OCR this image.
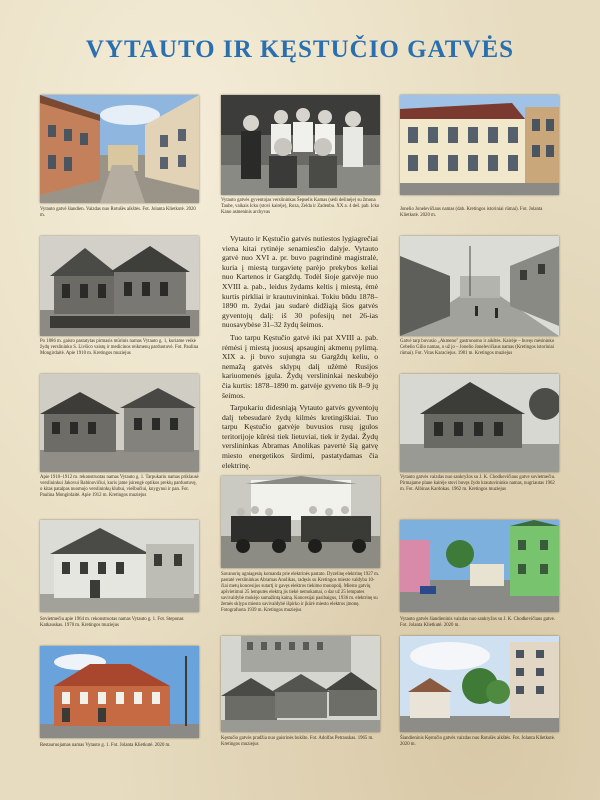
VYTAUTO IR KĘSTUČIO GATVĖS
Vytauto gatvė šiandien. Vaizdas nuo Rotušės aikštės. Fot. Jolanta Klietkutė. 2020 m.
Vytauto gatvės gyventojas verslininkas Šepselis Kamas (sėdi dešinėje) su žmona Taube, vaikais Icku (stovi kairėje), Roza, Zelda ir Zadenbu. XX a. 4 deš. pab. Icko Kano asmeninis archyvas
Jonelio Jonelevičiaus namas (dab. Kretingos istoriniai rūmai). Fot. Jolanta Klietkutė. 2020 m.
Po 1886 m. gaisro pastatytas pirmasis mūrinis namas Vytauto g. 1, kuriame veikė žydų verslininko S. Livšico vaistų ir medicinos reikmenų parduotuvė. Fot. Paulina Mongirdaitė. Apie 1910 m. Kretingos muziejus

Vytauto ir Kęstučio gatvės nutiestos lygiagrečiai viena kitai rytinėje senamiesčio dalyje. Vytauto gatvė nuo XVI a. pr. buvo pagrindinė magistralė, kuria į miestą turgavietę parėjo prekybos keliai nuo Kartenos ir Gargždų. Todėl šioje gatvėje nuo XVIII a. pab., leidus žydams keltis į miestą, ėmė kurtis pirkliai ir krautuvininkai. Tokiu būdu 1878–1890 m. žydai jau sudarė didžiąją šios gatvės gyventojų dalį: iš 30 pofesijų net 26-ias nuosavybėse 31–32 žydų šeimos.

Tuo tarpu Kęstučio gatvė iki pat XVIII a. pab. rėmėsi į miestą juosusį apsauginį akmenų pylimą. XIX a. ji buvo sujungta su Gargždų keliu, o nemažą gatvės sklypų dalį užėmė Rusijos kariuomenės įgula. Žydų verslininkai neskubėjo čia kurtis: 1878–1890 m. gatvėje gyveno tik 8–9 jų šeimos.

Tarpukariu didesniąją Vytauto gatvės gyventojų dalį tebesudarė žydų kilmės kretingiškiai. Tuo tarpu Kęstučio gatvėje buvusios rusų įgulos teritorijoje kūrėsi tiek lietuviai, tiek ir žydai. Žydų verslininkas Abramas Anolikas pavertė šią gatvę miesto energetikos širdimi, pastatydamas čia elektrinę.

Gatvė tarp buvusio „Akmeno" gastronomo ir aikštės. Kairėje – buvęs mėsininko Cebelio Gilio namas, o už jo – Jonelio Jonelevičiaus namas (Kretingos istoriniai rūmai). Fot. Vitas Karaciejus. 1981 m. Kretingos muziejus
Apie 1910–1912 m. rekonstruotas namas Vytauto g. 1. Tarpukariu namas priklausė verslininkui Jakovui Rabinovičiui, kuris jame įsirengė optikos prekių parduotuvę, o kitas patalpas nuomojo verslininkų klubui, viešbučiui, knygynui ir pan. Fot. Paulina Mongirdaitė. Apie 1912 m. Kretingos muziejus
Vytauto gatvės vaizdas nuo sankryžos su J. K. Chodkevičiaus gatve sovietmečiu. Pirmajame plane kairėje stovi buvęs žydo krautuvininko namas, nugriautas 1962 m. Fot. Albinas Kardokas. 1962 m. Kretingos muziejus
Savanorių ugniagesių komanda prie elektrinės pastato. Dyzelinę elektrinę 1927 m. pastatė verslininkas Abramas Anolikas, radęsis su Kretingos miesto valdyba 10-čiai metų koncesijos sutartį ir gavęs elektros tiekimo monopolį. Miesto gatvių apšvietimui 25 lemputės elektrą jis tiekė nemokamai, o dar už 25 lemputes savivaldybė mokėjo sumažintą kainą. Koncesijai pasibaigus, 1936 m. elektrinę su žemės sklypu miesto savivaldybė išpirko ir įkūrė miesto elektros įmonę. Fotografuota 1939 m. Kretingos muziejus
Sovietmečiu apie 1964 m. rekonstruotas namas Vytauto g. 1. Fot. Steponas Katkauskas. 1970 m. Kretingos muziejus
Vytauto gatvės šiandieninis vaizdas nuo sankryžos su J. K. Chodkevičiaus gatve. Fot. Jolanta Klietkutė. 2020 m.
Restauruojamas namas Vytauto g. 1. Fot. Jolanta Klietkutė. 2020 m.
Kęstučio gatvės pradžia nuo gaisrinės bokšto. Fot. Adolfas Petrauskas. 1965 m. Kretingos muziejus
Šiandieninis Kęstučio gatvės vaizdas nuo Rotušės aikštės. Fot. Jolanta Klietkutė. 2020 m.
